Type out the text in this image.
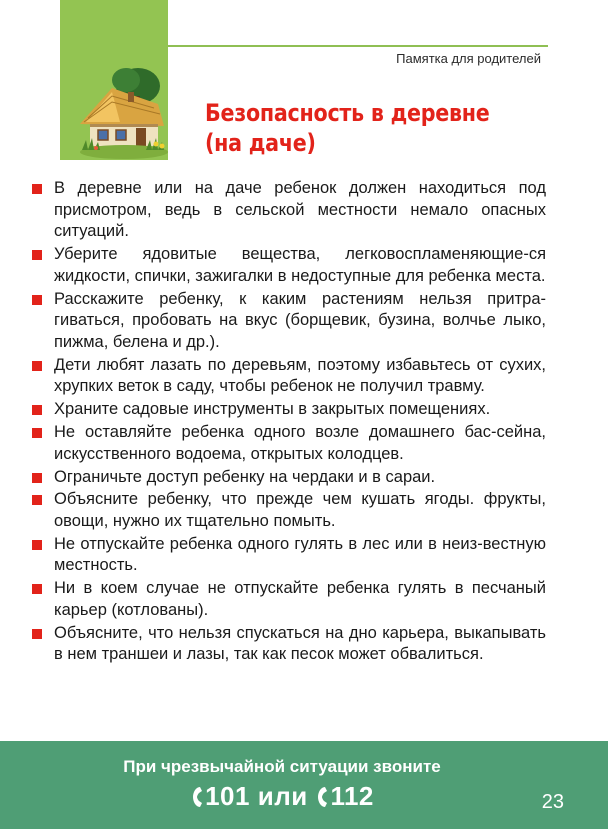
Памятка для родителей
Безопасность в деревне
(на даче)
В деревне или на даче ребенок должен находиться под присмотром, ведь в сельской местности немало опасных ситуаций.
Уберите ядовитые вещества, легковоспламеняющие-ся жидкости, спички, зажигалки в недоступные для ребенка места.
Расскажите ребенку, к каким растениям нельзя притра-гиваться, пробовать на вкус (борщевик, бузина, волчье лыко, пижма, белена и др.).
Дети любят лазать по деревьям, поэтому избавьтесь от сухих, хрупких веток в саду, чтобы ребенок не получил травму.
Храните садовые инструменты в закрытых помещениях.
Не оставляйте ребенка одного возле домашнего бас-сейна, искусственного водоема, открытых колодцев.
Ограничьте доступ ребенку на чердаки и в сараи.
Объясните ребенку, что прежде чем кушать ягоды. фрукты, овощи, нужно их тщательно помыть.
Не отпускайте ребенка одного гулять в лес или в неиз-вестную местность.
Ни в коем случае не отпускайте ребенка гулять в песчаный карьер (котлованы).
Объясните, что нельзя спускаться на дно карьера, выкапывать в нем траншеи и лазы, так как песок может обвалиться.
При чрезвычайной ситуации звоните
101 или 112	23
